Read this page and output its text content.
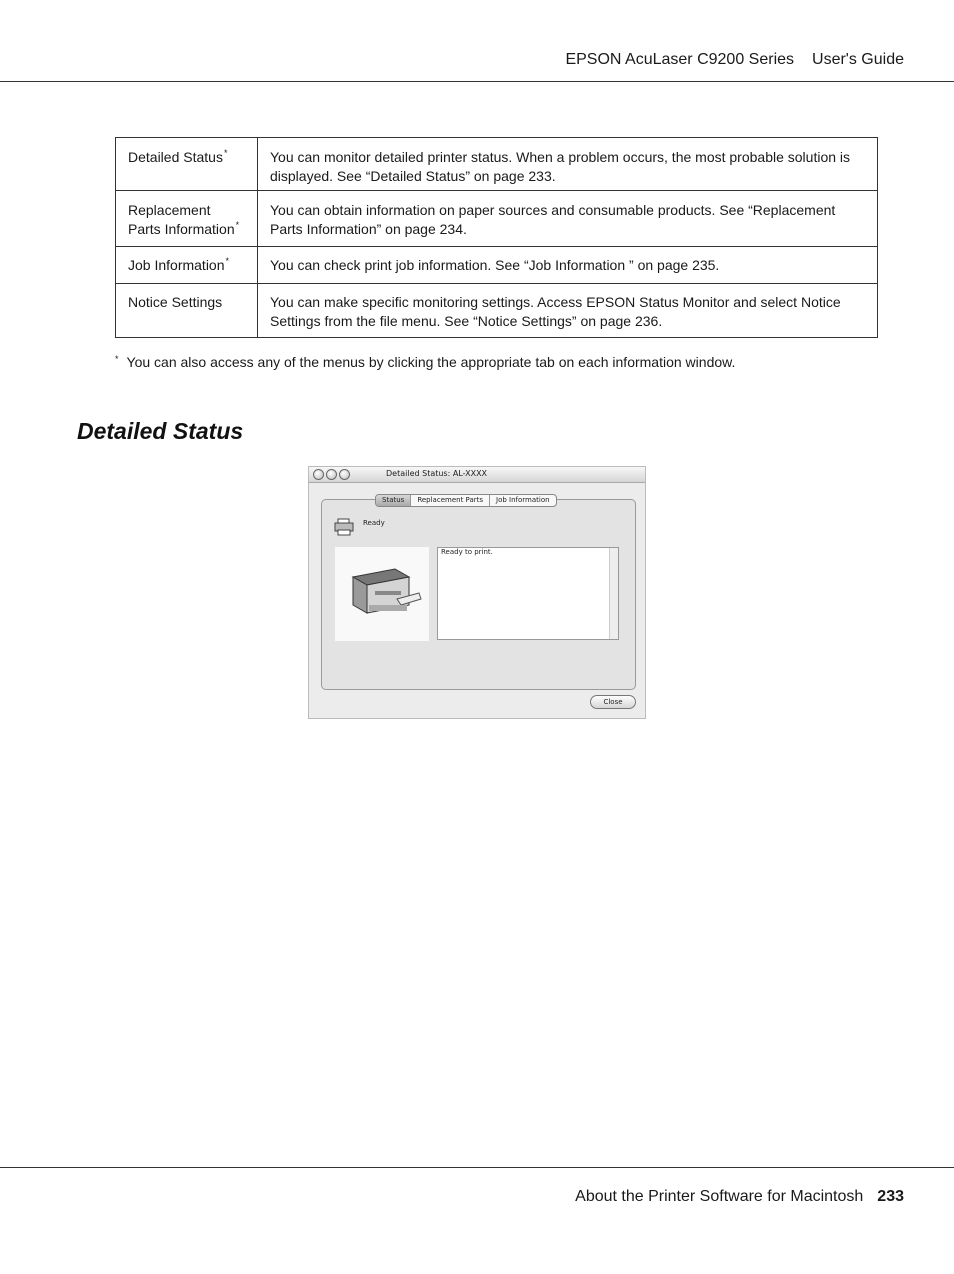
EPSON AcuLaser C9200 Series User's Guide
Detailed Status*	You can monitor detailed printer status. When a problem occurs, the most probable solution is displayed. See “Detailed Status” on page 233.
Replacement Parts Information*	You can obtain information on paper sources and consumable products. See “Replacement Parts Information” on page 234.
Job Information*	You can check print job information. See “Job Information ” on page 235.
Notice Settings	You can make specific monitoring settings. Access EPSON Status Monitor and select Notice Settings from the file menu. See “Notice Settings” on page 236.
* You can also access any of the menus by clicking the appropriate tab on each information window.
Detailed Status
Detailed Status: AL-XXXX
Status	Replacement Parts	Job Information
Ready
Ready to print.
Close
About the Printer Software for Macintosh 233
